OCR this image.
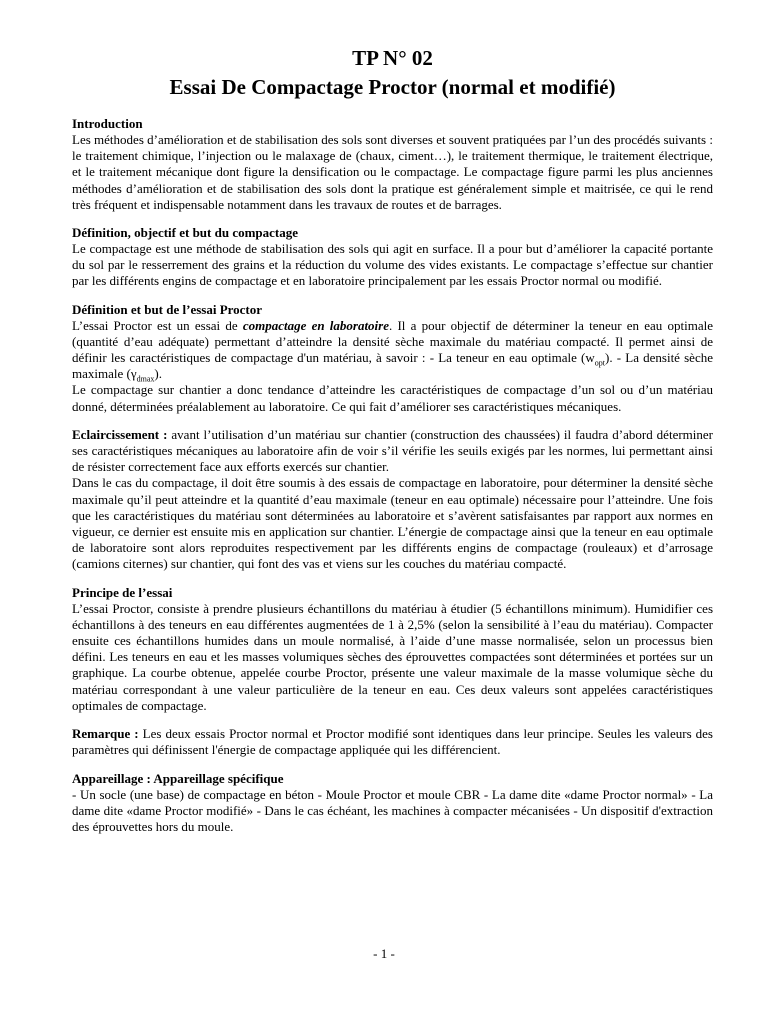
TP N° 02
Essai De Compactage Proctor (normal et modifié)
Introduction

Les méthodes d’amélioration et de stabilisation des sols sont diverses et souvent pratiquées par l’un des procédés suivants : le traitement chimique, l’injection ou le malaxage de (chaux, ciment…), le traitement thermique, le traitement électrique, et le traitement mécanique dont figure la densification ou le compactage. Le compactage figure parmi les plus anciennes méthodes d’amélioration et de stabilisation des sols dont la pratique est généralement simple et maitrisée, ce qui le rend très fréquent et indispensable notamment dans les travaux de routes et de barrages.

Définition, objectif et but du compactage

Le compactage est une méthode de stabilisation des sols qui agit en surface. Il a pour but d’améliorer la capacité portante du sol par le resserrement des grains et la réduction du volume des vides existants. Le compactage s’effectue sur chantier par les différents engins de compactage et en laboratoire principalement par les essais Proctor normal ou modifié.

Définition et but de l’essai Proctor

L’essai Proctor est un essai de compactage en laboratoire. Il a pour objectif de déterminer la teneur en eau optimale (quantité d’eau adéquate) permettant d’atteindre la densité sèche maximale du matériau compacté. Il permet ainsi de définir les caractéristiques de compactage d'un matériau, à savoir : - La teneur en eau optimale $(w_{opt})$. - La densité sèche maximale $(\gamma_{dmax})$.

Le compactage sur chantier a donc tendance d’atteindre les caractéristiques de compactage d’un sol ou d’un matériau donné, déterminées préalablement au laboratoire. Ce qui fait d’améliorer ses caractéristiques mécaniques.

Eclaircissement : avant l’utilisation d’un matériau sur chantier (construction des chaussées) il faudra d’abord déterminer ses caractéristiques mécaniques au laboratoire afin de voir s’il vérifie les seuils exigés par les normes, lui permettant ainsi de résister correctement face aux efforts exercés sur chantier.

Dans le cas du compactage, il doit être soumis à des essais de compactage en laboratoire, pour déterminer la densité sèche maximale qu’il peut atteindre et la quantité d’eau maximale (teneur en eau optimale) nécessaire pour l’atteindre. Une fois que les caractéristiques du matériau sont déterminées au laboratoire et s’avèrent satisfaisantes par rapport aux normes en vigueur, ce dernier est ensuite mis en application sur chantier. L’énergie de compactage ainsi que la teneur en eau optimale de laboratoire sont alors reproduites respectivement par les différents engins de compactage (rouleaux) et d’arrosage (camions citernes) sur chantier, qui font des vas et viens sur les couches du matériau compacté.

Principe de l’essai

L’essai Proctor, consiste à prendre plusieurs échantillons du matériau à étudier (5 échantillons minimum). Humidifier ces échantillons à des teneurs en eau différentes augmentées de 1 à 2,5% (selon la sensibilité à l’eau du matériau). Compacter ensuite ces échantillons humides dans un moule normalisé, à l’aide d’une masse normalisée, selon un processus bien défini. Les teneurs en eau et les masses volumiques sèches des éprouvettes compactées sont déterminées et portées sur un graphique. La courbe obtenue, appelée courbe Proctor, présente une valeur maximale de la masse volumique sèche du matériau correspondant à une valeur particulière de la teneur en eau. Ces deux valeurs sont appelées caractéristiques optimales de compactage.

Remarque : Les deux essais Proctor normal et Proctor modifié sont identiques dans leur principe. Seules les valeurs des paramètres qui définissent l'énergie de compactage appliquée qui les différencient.

Appareillage : Appareillage spécifique

- Un socle (une base) de compactage en béton - Moule Proctor et moule CBR - La dame dite «dame Proctor normal» - La dame dite «dame Proctor modifié» - Dans le cas échéant, les machines à compacter mécanisées - Un dispositif d'extraction des éprouvettes hors du moule.

- 1 -
